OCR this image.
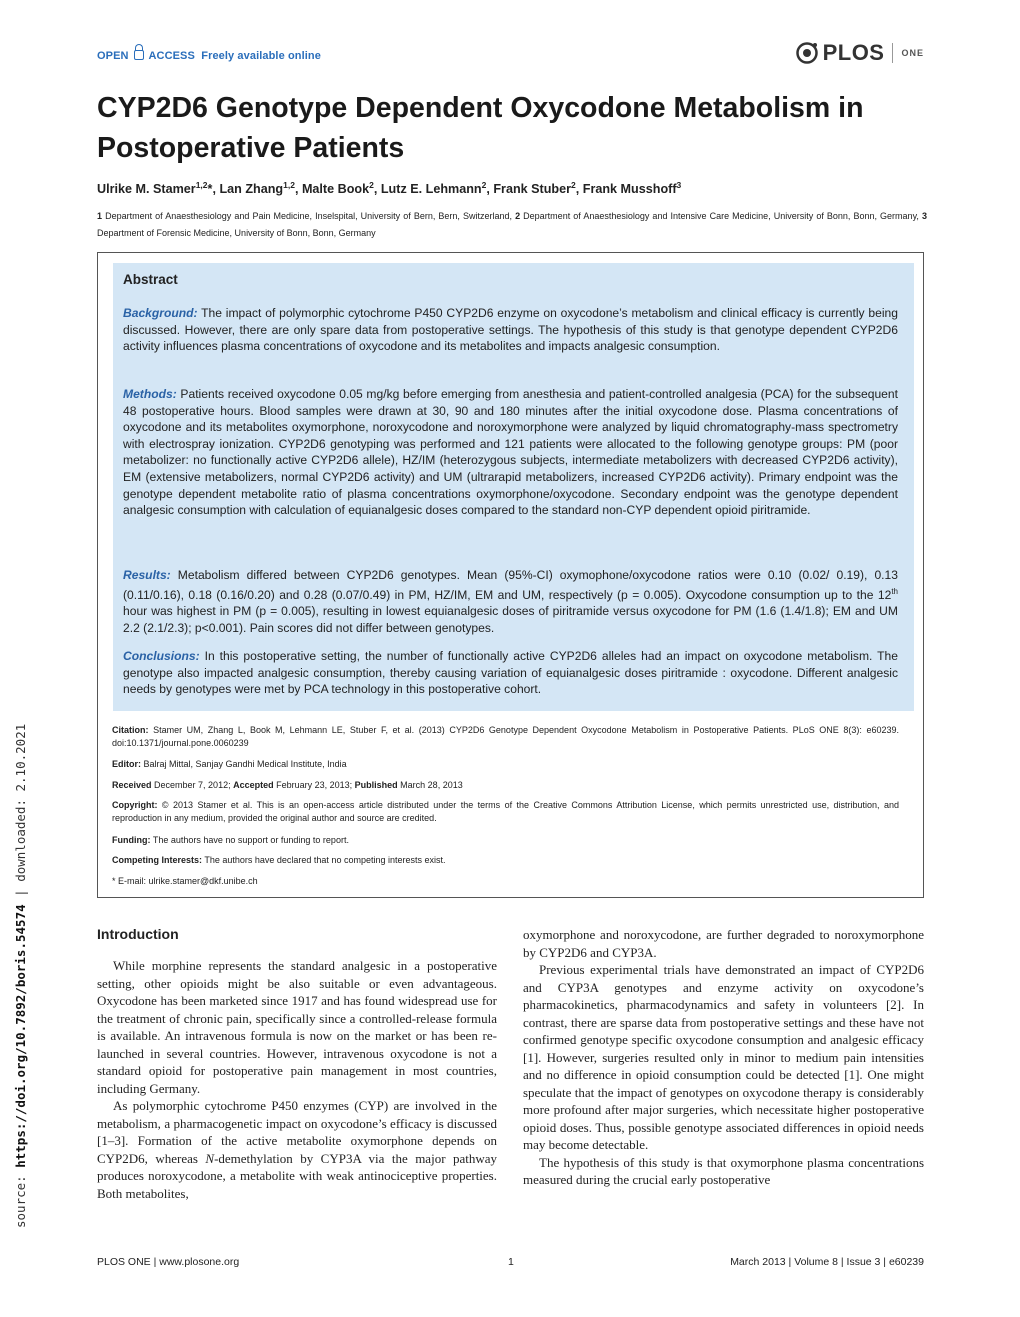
OPEN ACCESS Freely available online	PLOS ONE
CYP2D6 Genotype Dependent Oxycodone Metabolism in Postoperative Patients
Ulrike M. Stamer$^{1,2}$*, Lan Zhang$^{1,2}$, Malte Book$^2$, Lutz E. Lehmann$^2$, Frank Stuber$^2$, Frank Musshoff$^3$
1 Department of Anaesthesiology and Pain Medicine, Inselspital, University of Bern, Bern, Switzerland, 2 Department of Anaesthesiology and Intensive Care Medicine, University of Bonn, Bonn, Germany, 3 Department of Forensic Medicine, University of Bonn, Bonn, Germany
source: https://doi.org/10.7892/boris.54574 | downloaded: 2.10.2021
Abstract
Background: The impact of polymorphic cytochrome P450 CYP2D6 enzyme on oxycodone’s metabolism and clinical efficacy is currently being discussed. However, there are only spare data from postoperative settings. The hypothesis of this study is that genotype dependent CYP2D6 activity influences plasma concentrations of oxycodone and its metabolites and impacts analgesic consumption.
Methods: Patients received oxycodone 0.05 mg/kg before emerging from anesthesia and patient-controlled analgesia (PCA) for the subsequent 48 postoperative hours. Blood samples were drawn at 30, 90 and 180 minutes after the initial oxycodone dose. Plasma concentrations of oxycodone and its metabolites oxymorphone, noroxycodone and noroxymorphone were analyzed by liquid chromatography-mass spectrometry with electrospray ionization. CYP2D6 genotyping was performed and 121 patients were allocated to the following genotype groups: PM (poor metabolizer: no functionally active CYP2D6 allele), HZ/IM (heterozygous subjects, intermediate metabolizers with decreased CYP2D6 activity), EM (extensive metabolizers, normal CYP2D6 activity) and UM (ultrarapid metabolizers, increased CYP2D6 activity). Primary endpoint was the genotype dependent metabolite ratio of plasma concentrations oxymorphone/oxycodone. Secondary endpoint was the genotype dependent analgesic consumption with calculation of equianalgesic doses compared to the standard non-CYP dependent opioid piritramide.
Results: Metabolism differed between CYP2D6 genotypes. Mean (95%-CI) oxymophone/oxycodone ratios were 0.10 (0.02/ 0.19), 0.13 (0.11/0.16), 0.18 (0.16/0.20) and 0.28 (0.07/0.49) in PM, HZ/IM, EM and UM, respectively (p = 0.005). Oxycodone consumption up to the 12th hour was highest in PM (p = 0.005), resulting in lowest equianalgesic doses of piritramide versus oxycodone for PM (1.6 (1.4/1.8); EM and UM 2.2 (2.1/2.3); p<0.001). Pain scores did not differ between genotypes.
Conclusions: In this postoperative setting, the number of functionally active CYP2D6 alleles had an impact on oxycodone metabolism. The genotype also impacted analgesic consumption, thereby causing variation of equianalgesic doses piritramide : oxycodone. Different analgesic needs by genotypes were met by PCA technology in this postoperative cohort.
Citation: Stamer UM, Zhang L, Book M, Lehmann LE, Stuber F, et al. (2013) CYP2D6 Genotype Dependent Oxycodone Metabolism in Postoperative Patients. PLoS ONE 8(3): e60239. doi:10.1371/journal.pone.0060239
Editor: Balraj Mittal, Sanjay Gandhi Medical Institute, India
Received December 7, 2012; Accepted February 23, 2013; Published March 28, 2013
Copyright: © 2013 Stamer et al. This is an open-access article distributed under the terms of the Creative Commons Attribution License, which permits unrestricted use, distribution, and reproduction in any medium, provided the original author and source are credited.
Funding: The authors have no support or funding to report.
Competing Interests: The authors have declared that no competing interests exist.
* E-mail: ulrike.stamer@dkf.unibe.ch
Introduction

While morphine represents the standard analgesic in a postoperative setting, other opioids might be also suitable or even advantageous. Oxycodone has been marketed since 1917 and has found widespread use for the treatment of chronic pain, specifically since a controlled-release formula is available. An intravenous formula is now on the market or has been re-launched in several countries. However, intravenous oxycodone is not a standard opioid for postoperative pain management in most countries, including Germany.

As polymorphic cytochrome P450 enzymes (CYP) are involved in the metabolism, a pharmacogenetic impact on oxycodone’s efficacy is discussed [1–3]. Formation of the active metabolite oxymorphone depends on CYP2D6, whereas N-demethylation by CYP3A via the major pathway produces noroxycodone, a metabolite with weak antinociceptive properties. Both metabolites,

oxymorphone and noroxycodone, are further degraded to noroxymorphone by CYP2D6 and CYP3A.

Previous experimental trials have demonstrated an impact of CYP2D6 and CYP3A genotypes and enzyme activity on oxycodone’s pharmacokinetics, pharmacodynamics and safety in volunteers [2]. In contrast, there are sparse data from postoperative settings and these have not confirmed genotype specific oxycodone consumption and analgesic efficacy [1]. However, surgeries resulted only in minor to medium pain intensities and no difference in opioid consumption could be detected [1]. One might speculate that the impact of genotypes on oxycodone therapy is considerably more profound after major surgeries, which necessitate higher postoperative opioid doses. Thus, possible genotype associated differences in opioid needs may become detectable.

The hypothesis of this study is that oxymorphone plasma concentrations measured during the crucial early postoperative

PLOS ONE | www.plosone.org	1	March 2013 | Volume 8 | Issue 3 | e60239
